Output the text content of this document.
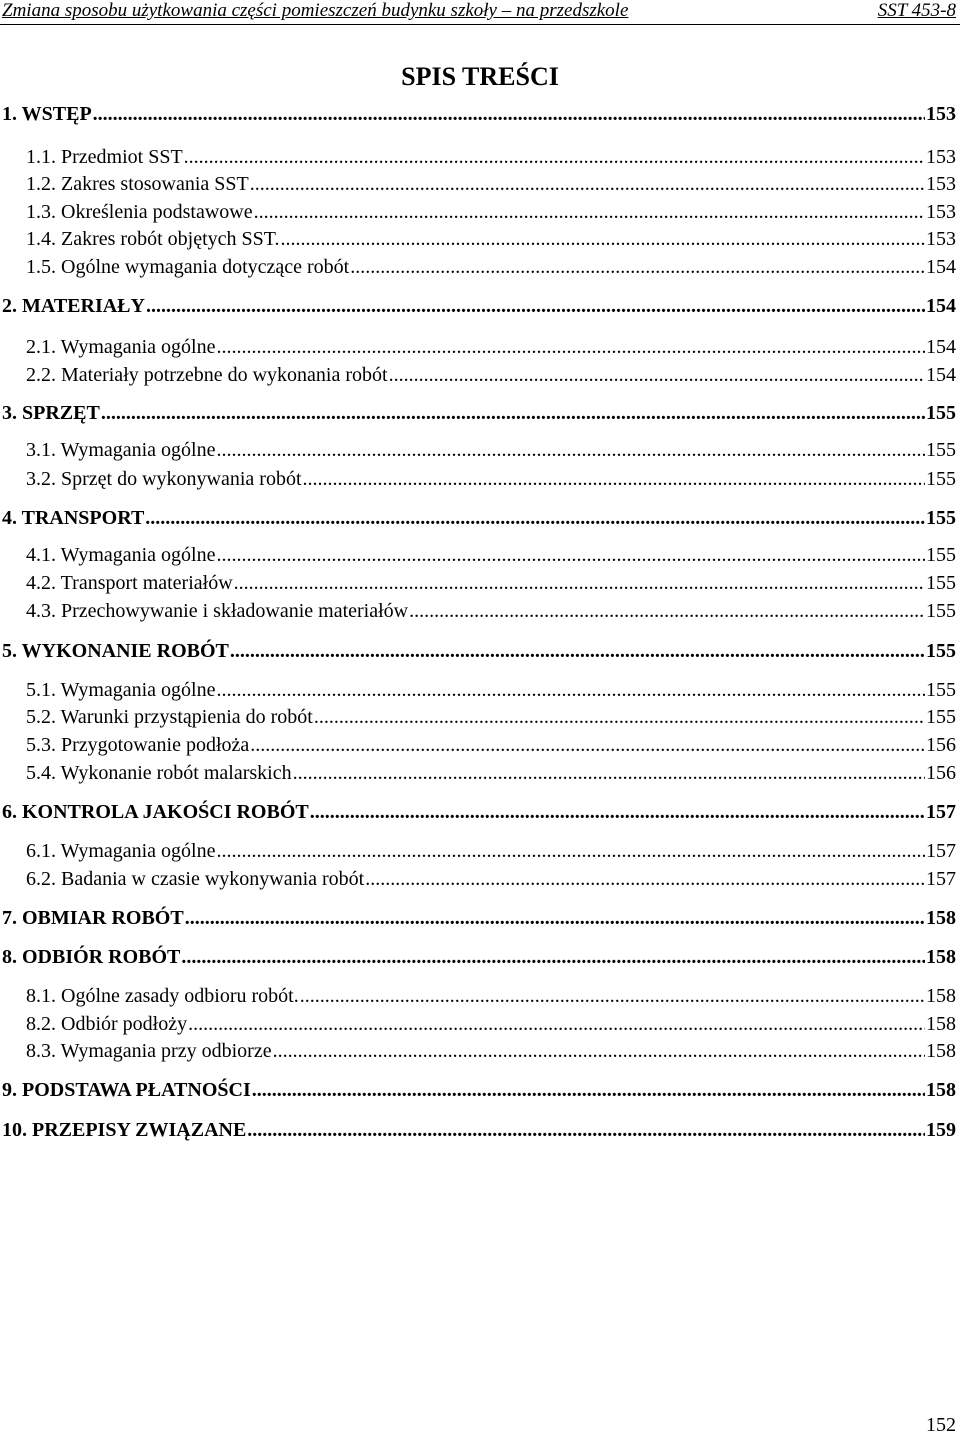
Zmiana sposobu użytkowania części pomieszczeń budynku szkoły – na przedszkole	SST 453-8
SPIS TREŚCI
1. WSTĘP .....	153
1.1. Przedmiot SST .....	153
1.2. Zakres stosowania SST .....	153
1.3. Określenia podstawowe .....	153
1.4. Zakres robót objętych SST. .....	153
1.5. Ogólne wymagania dotyczące robót .....	154
2. MATERIAŁY .....	154
2.1. Wymagania ogólne .....	154
2.2. Materiały potrzebne do wykonania robót .....	154
3. SPRZĘT .....	155
3.1. Wymagania ogólne .....	155
3.2. Sprzęt do wykonywania robót .....	155
4. TRANSPORT .....	155
4.1. Wymagania ogólne .....	155
4.2. Transport materiałów .....	155
4.3. Przechowywanie i składowanie materiałów .....	155
5. WYKONANIE ROBÓT .....	155
5.1. Wymagania ogólne .....	155
5.2. Warunki przystąpienia do robót .....	155
5.3. Przygotowanie podłoża .....	156
5.4. Wykonanie robót malarskich .....	156
6. KONTROLA JAKOŚCI ROBÓT .....	157
6.1. Wymagania ogólne .....	157
6.2. Badania w czasie wykonywania robót .....	157
7. OBMIAR ROBÓT .....	158
8. ODBIÓR ROBÓT .....	158
8.1. Ogólne zasady odbioru robót. .....	158
8.2. Odbiór podłoży .....	158
8.3. Wymagania przy odbiorze .....	158
9. PODSTAWA PŁATNOŚCI .....	158
10. PRZEPISY ZWIĄZANE .....	159
152
